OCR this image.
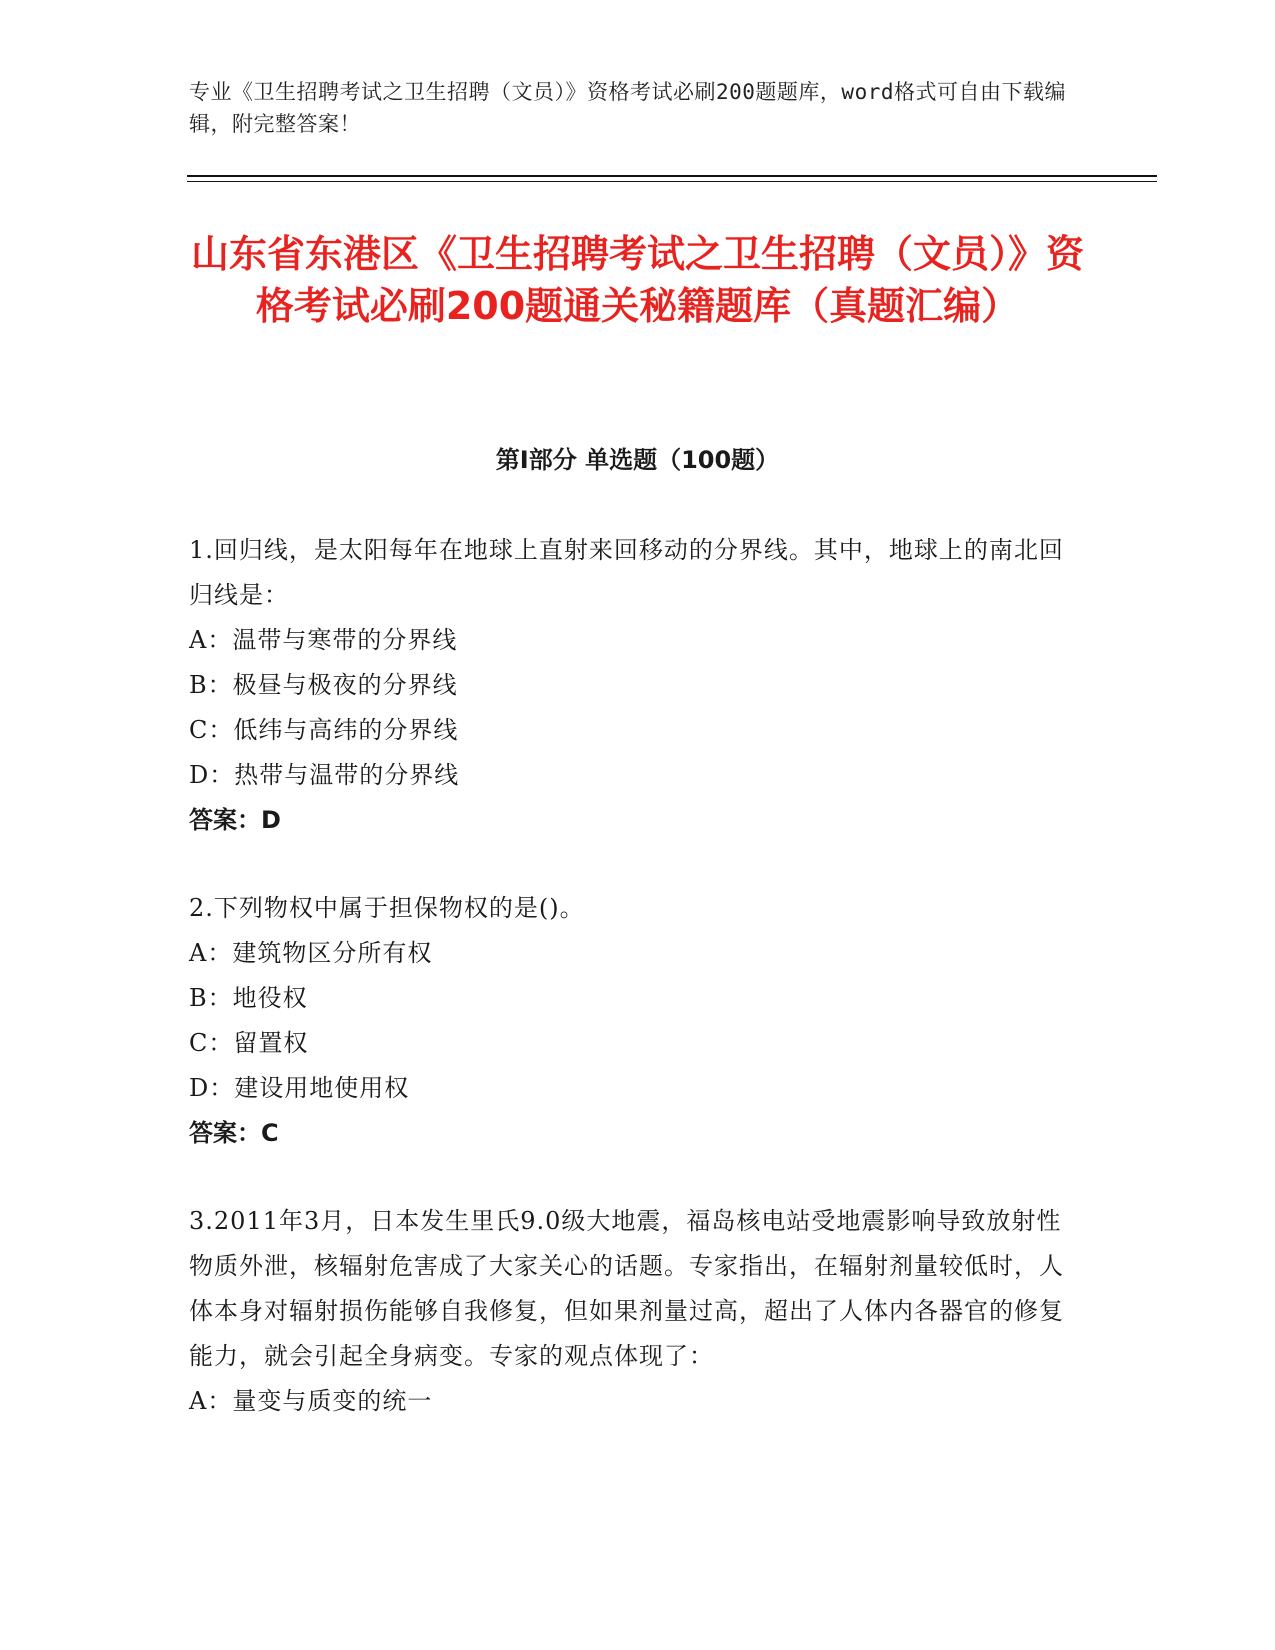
专业《卫生招聘考试之卫生招聘（文员）》资格考试必刷200题题库，word格式可自由下载编辑，附完整答案！
山东省东港区《卫生招聘考试之卫生招聘（文员）》资格考试必刷200题通关秘籍题库（真题汇编）
第I部分 单选题（100题）
1.回归线，是太阳每年在地球上直射来回移动的分界线。其中，地球上的南北回归线是：
A：温带与寒带的分界线
B：极昼与极夜的分界线
C：低纬与高纬的分界线
D：热带与温带的分界线
答案：D
2.下列物权中属于担保物权的是()。
A：建筑物区分所有权
B：地役权
C：留置权
D：建设用地使用权
答案：C
3.2011年3月，日本发生里氏9.0级大地震，福岛核电站受地震影响导致放射性物质外泄，核辐射危害成了大家关心的话题。专家指出，在辐射剂量较低时，人体本身对辐射损伤能够自我修复，但如果剂量过高，超出了人体内各器官的修复能力，就会引起全身病变。专家的观点体现了：
A：量变与质变的统一
